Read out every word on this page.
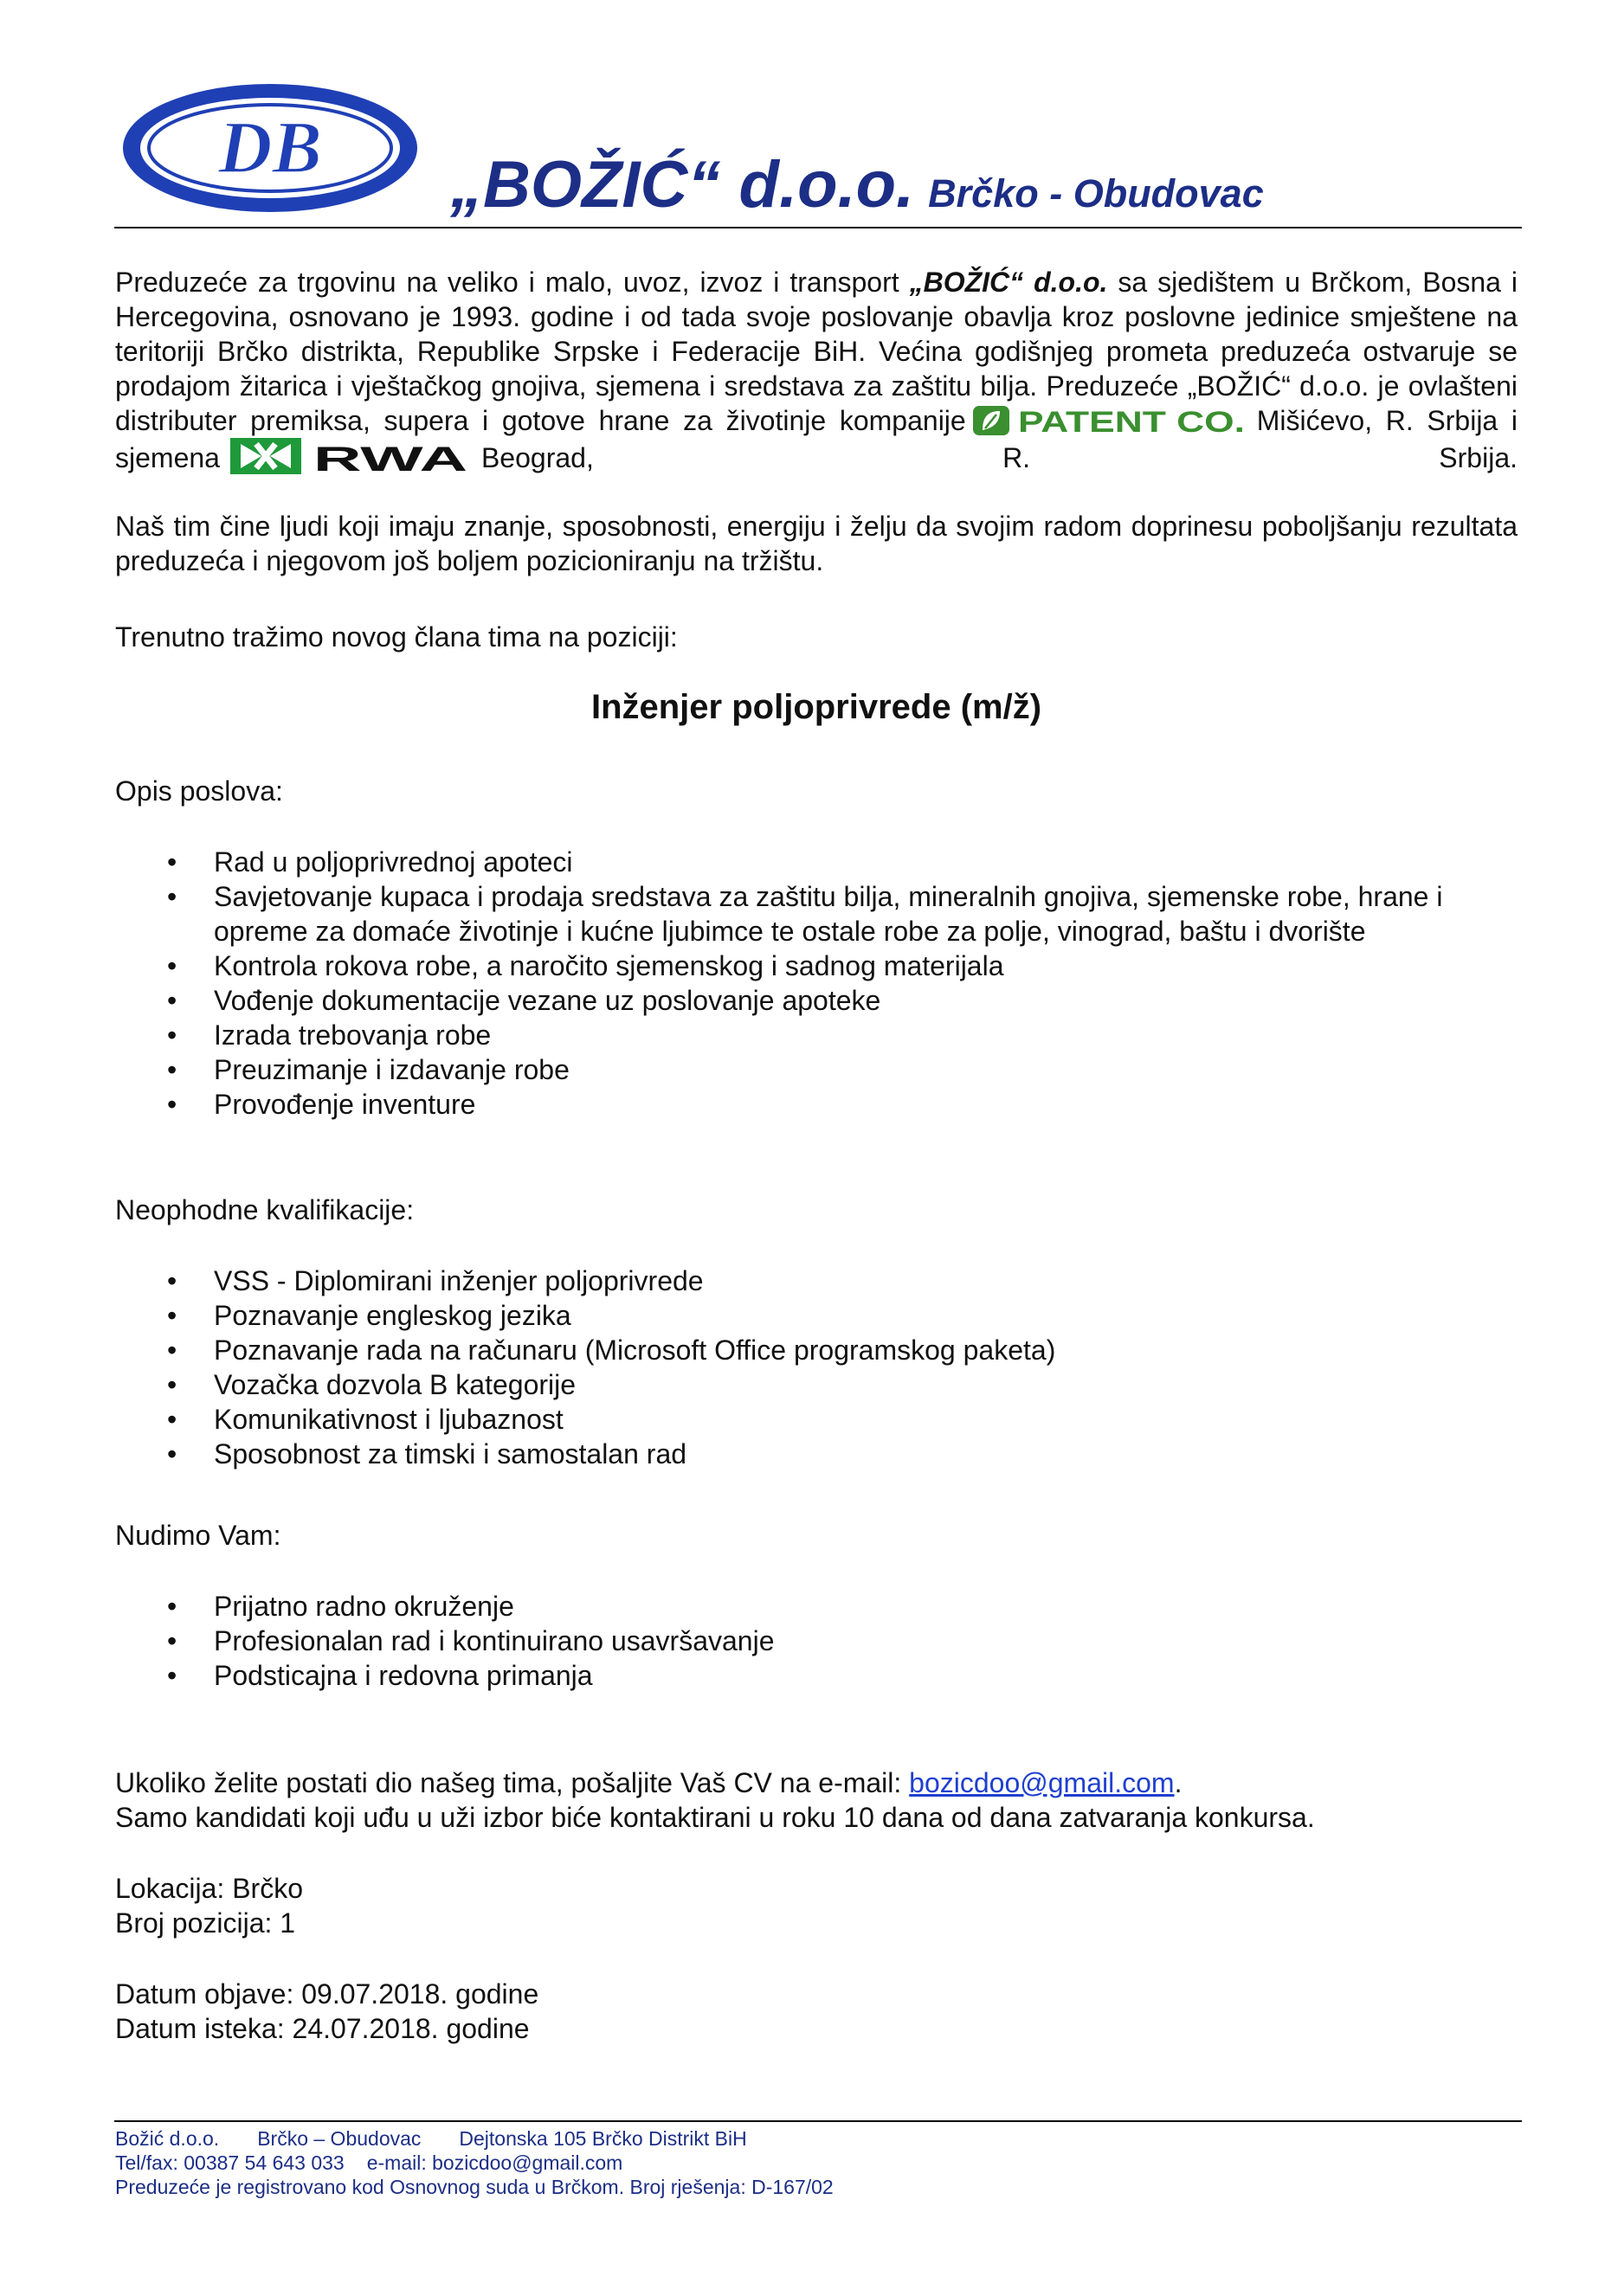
DB „BOŽIĆ“ d.o.o. Brčko - Obudovac
Preduzeće za trgovinu na veliko i malo, uvoz, izvoz i transport „BOŽIĆ“ d.o.o. sa sjedištem u Brčkom, Bosna i Hercegovina, osnovano je 1993. godine i od tada svoje poslovanje obavlja kroz poslovne jedinice smještene na teritoriji Brčko distrikta, Republike Srpske i Federacije BiH. Većina godišnjeg prometa preduzeća ostvaruje se prodajom žitarica i vještačkog gnojiva, sjemena i sredstava za zaštitu bilja. Preduzeće „BOŽIĆ“ d.o.o. je ovlašteni distributer premiksa, supera i gotove hrane za životinje kompanije PATENT CO. Mišićevo, R. Srbija i sjemena	RWA Beograd, R. Srbija.
Naš tim čine ljudi koji imaju znanje, sposobnosti, energiju i želju da svojim radom doprinesu poboljšanju rezultata preduzeća i njegovom još boljem pozicioniranju na tržištu.
Trenutno tražimo novog člana tima na poziciji:
Inženjer poljoprivrede (m/ž)
Opis poslova:
• Rad u poljoprivrednoj apoteci
• Savjetovanje kupaca i prodaja sredstava za zaštitu bilja, mineralnih gnojiva, sjemenske robe, hrane i opreme za domaće životinje i kućne ljubimce te ostale robe za polje, vinograd, baštu i dvorište
• Kontrola rokova robe, a naročito sjemenskog i sadnog materijala
• Vođenje dokumentacije vezane uz poslovanje apoteke
• Izrada trebovanja robe
• Preuzimanje i izdavanje robe
• Provođenje inventure
Neophodne kvalifikacije:
• VSS - Diplomirani inženjer poljoprivrede
• Poznavanje engleskog jezika
• Poznavanje rada na računaru (Microsoft Office programskog paketa)
• Vozačka dozvola B kategorije
• Komunikativnost i ljubaznost
• Sposobnost za timski i samostalan rad
Nudimo Vam:
• Prijatno radno okruženje
• Profesionalan rad i kontinuirano usavršavanje
• Podsticajna i redovna primanja
Ukoliko želite postati dio našeg tima, pošaljite Vaš CV na e-mail: bozicdoo@gmail.com.
Samo kandidati koji uđu u uži izbor biće kontaktirani u roku 10 dana od dana zatvaranja konkursa.
Lokacija: Brčko
Broj pozicija: 1
Datum objave: 09.07.2018. godine
Datum isteka: 24.07.2018. godine
Božić d.o.o. Brčko – Obudovac Dejtonska 105 Brčko Distrikt BiH
Tel/fax: 00387 54 643 033 e-mail: bozicdoo@gmail.com
Preduzeće je registrovano kod Osnovnog suda u Brčkom. Broj rješenja: D-167/02
